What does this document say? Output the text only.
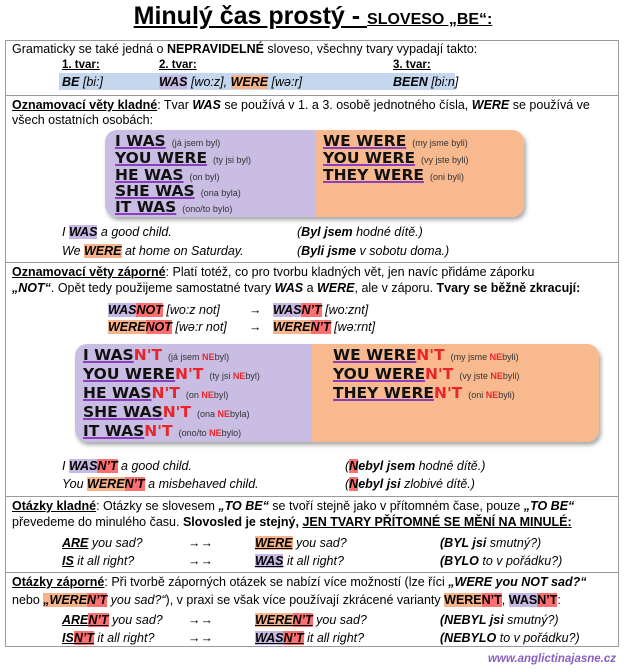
Minulý čas prostý - SLOVESO „BE“:
Gramaticky se také jedná o NEPRAVIDELNÉ sloveso, všechny tvary vypadají takto:
1. tvar:	2. tvar:	3. tvar:
BE [bi:]	WAS [wo:z], WERE [wə:r]	BEEN [bi:n]
Oznamovací věty kladné: Tvar WAS se používá v 1. a 3. osobě jednotného čísla, WERE se používá ve
všech ostatních osobách:
I WAS (já jsem byl)
YOU WERE (ty jsi byl)
HE WAS (on byl)
SHE WAS (ona byla)
IT WAS (ono/to bylo)
WE WERE (my jsme byli)
YOU WERE (vy jste byli)
THEY WERE (oni byli)
I WAS a good child.	(Byl jsem hodné dítě.)
We WERE at home on Saturday.	(Byli jsme v sobotu doma.)
Oznamovací věty záporné: Platí totéž, co pro tvorbu kladných vět, jen navíc přidáme záporku
„NOT“. Opět tedy použijeme samostatné tvary WAS a WERE, ale v záporu. Tvary se běžně zkracují:
WASNOT [wo:z not] → WASN’T [wo:znt]
WERENOT [wə:r not] → WEREN’T [wə:rnt]
I WASN'T (já jsem NEbyl)
YOU WEREN'T (ty jsi NEbyl)
HE WASN'T (on NEbyl)
SHE WASN'T (ona NEbyla)
IT WASN'T (ono/to NEbylo)
WE WEREN'T (my jsme NEbyli)
YOU WEREN'T (vy jste NEbyli)
THEY WEREN'T (oni NEbyli)
I WASN’T a good child.	(Nebyl jsem hodné dítě.)
You WEREN’T a misbehaved child.	(Nebyl jsi zlobivé dítě.)
Otázky kladné: Otázky se slovesem „TO BE“ se tvoří stejně jako v přítomném čase, pouze „TO BE“
převedeme do minulého času. Slovosled je stejný, JEN TVARY PŘÍTOMNÉ SE MĚNÍ NA MINULÉ:
ARE you sad?	→→	WERE you sad?	(BYL jsi smutný?)
IS it all right?	→→	WAS it all right?	(BYLO to v pořádku?)
Otázky záporné: Při tvorbě záporných otázek se nabízí více možností (lze říci „WERE you NOT sad?“
nebo „WEREN’T you sad?“), v praxi se však více používají zkrácené varianty WEREN’T, WASN’T:
AREN’T you sad? →→	WEREN’T you sad?	(NEBYL jsi smutný?)
ISN’T it all right?	→→	WASN’T it all right?	(NEBYLO to v pořádku?)
www.anglictinajasne.cz
